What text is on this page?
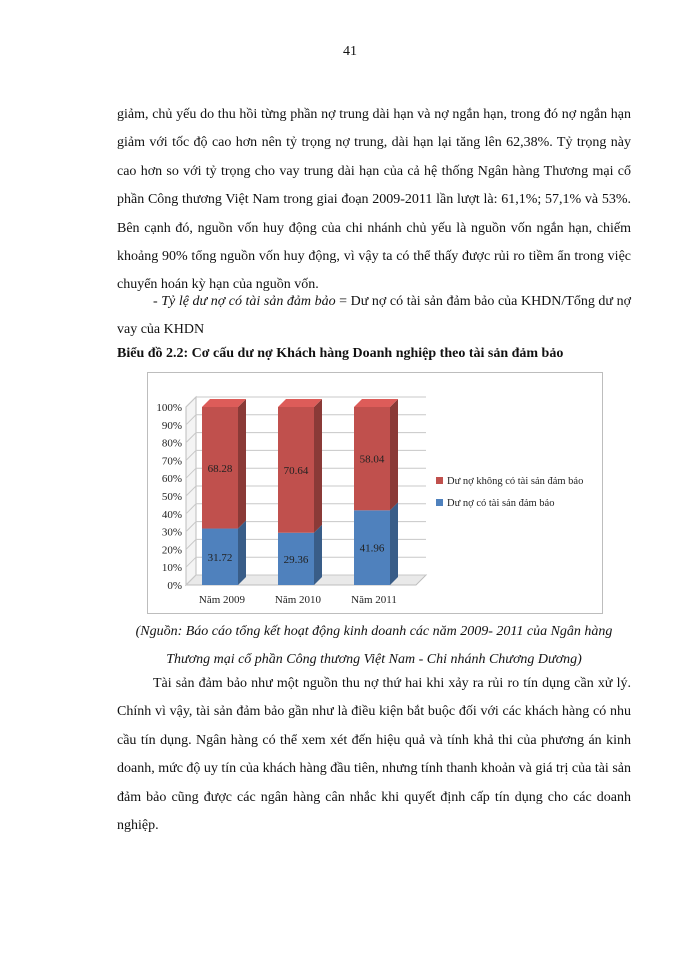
41

giảm, chủ yếu do thu hồi từng phần nợ trung dài hạn và nợ ngắn hạn, trong đó nợ ngắn hạn giảm với tốc độ cao hơn nên tỷ trọng nợ trung, dài hạn lại tăng lên 62,38%. Tỷ trọng này cao hơn so với tỷ trọng cho vay trung dài hạn của cả hệ thống Ngân hàng Thương mại cổ phần Công thương Việt Nam trong giai đoạn 2009-2011 lần lượt là: 61,1%; 57,1% và 53%. Bên cạnh đó, nguồn vốn huy động của chi nhánh chủ yếu là nguồn vốn ngắn hạn, chiếm khoảng 90% tổng nguồn vốn huy động, vì vậy ta có thể thấy được rủi ro tiềm ẩn trong việc chuyển hoán kỳ hạn của nguồn vốn.

- Tỷ lệ dư nợ có tài sản đảm bảo = Dư nợ có tài sản đảm bảo của KHDN/Tổng dư nợ vay của KHDN

Biểu đồ 2.2: Cơ cấu dư nợ Khách hàng Doanh nghiệp theo tài sản đảm bảo

0%
10%
20%
30%
40%
50%
60%
70%
80%
90%
100%
31.72
68.28
Năm 2009
29.36
70.64
Năm 2010
41.96
58.04
Năm 2011
Dư nợ không có tài sản đảm bảo
Dư nợ có tài sản đảm bảo

(Nguồn: Báo cáo tổng kết hoạt động kinh doanh các năm 2009- 2011 của Ngân hàng
Thương mại cổ phần Công thương Việt Nam - Chi nhánh Chương Dương)

Tài sản đảm bảo như một nguồn thu nợ thứ hai khi xảy ra rủi ro tín dụng cần xử lý. Chính vì vậy, tài sản đảm bảo gần như là điều kiện bắt buộc đối với các khách hàng có nhu cầu tín dụng. Ngân hàng có thể xem xét đến hiệu quả và tính khả thi của phương án kinh doanh, mức độ uy tín của khách hàng đầu tiên, nhưng tính thanh khoản và giá trị của tài sản đảm bảo cũng được các ngân hàng cân nhắc khi quyết định cấp tín dụng cho các doanh nghiệp.
